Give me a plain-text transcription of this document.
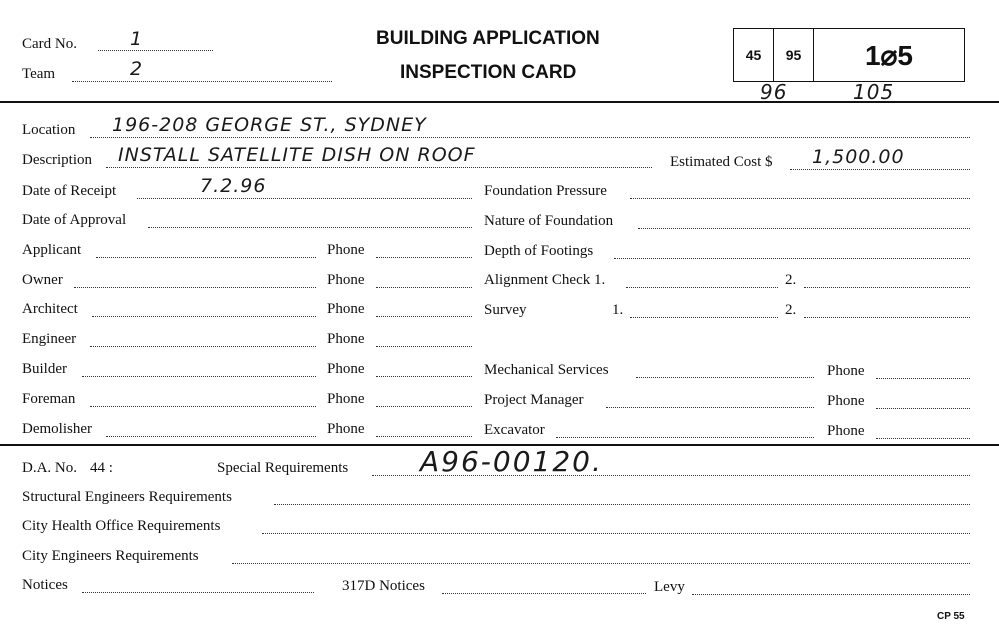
Card No.	1
Team	2
BUILDING APPLICATION
INSPECTION CARD
45	95	1⌀5
96	105
Location 196-208 GEORGE ST., SYDNEY
Description INSTALL SATELLITE DISH ON ROOF	Estimated Cost $ 1,500.00
Date of Receipt	7.2.96	Foundation Pressure
Date of Approval	Nature of Foundation
Applicant	Phone	Depth of Footings
Owner	Phone	Alignment Check 1.	2.
Architect	Phone	Survey	1.	2.
Engineer	Phone
Builder	Phone	Mechanical Services	Phone
Foreman	Phone	Project Manager	Phone
Demolisher	Phone	Excavator	Phone
D.A. No. 44 :	Special Requirements	A96-00120.
Structural Engineers Requirements
City Health Office Requirements
City Engineers Requirements
Notices	317D Notices	Levy
CP 55
